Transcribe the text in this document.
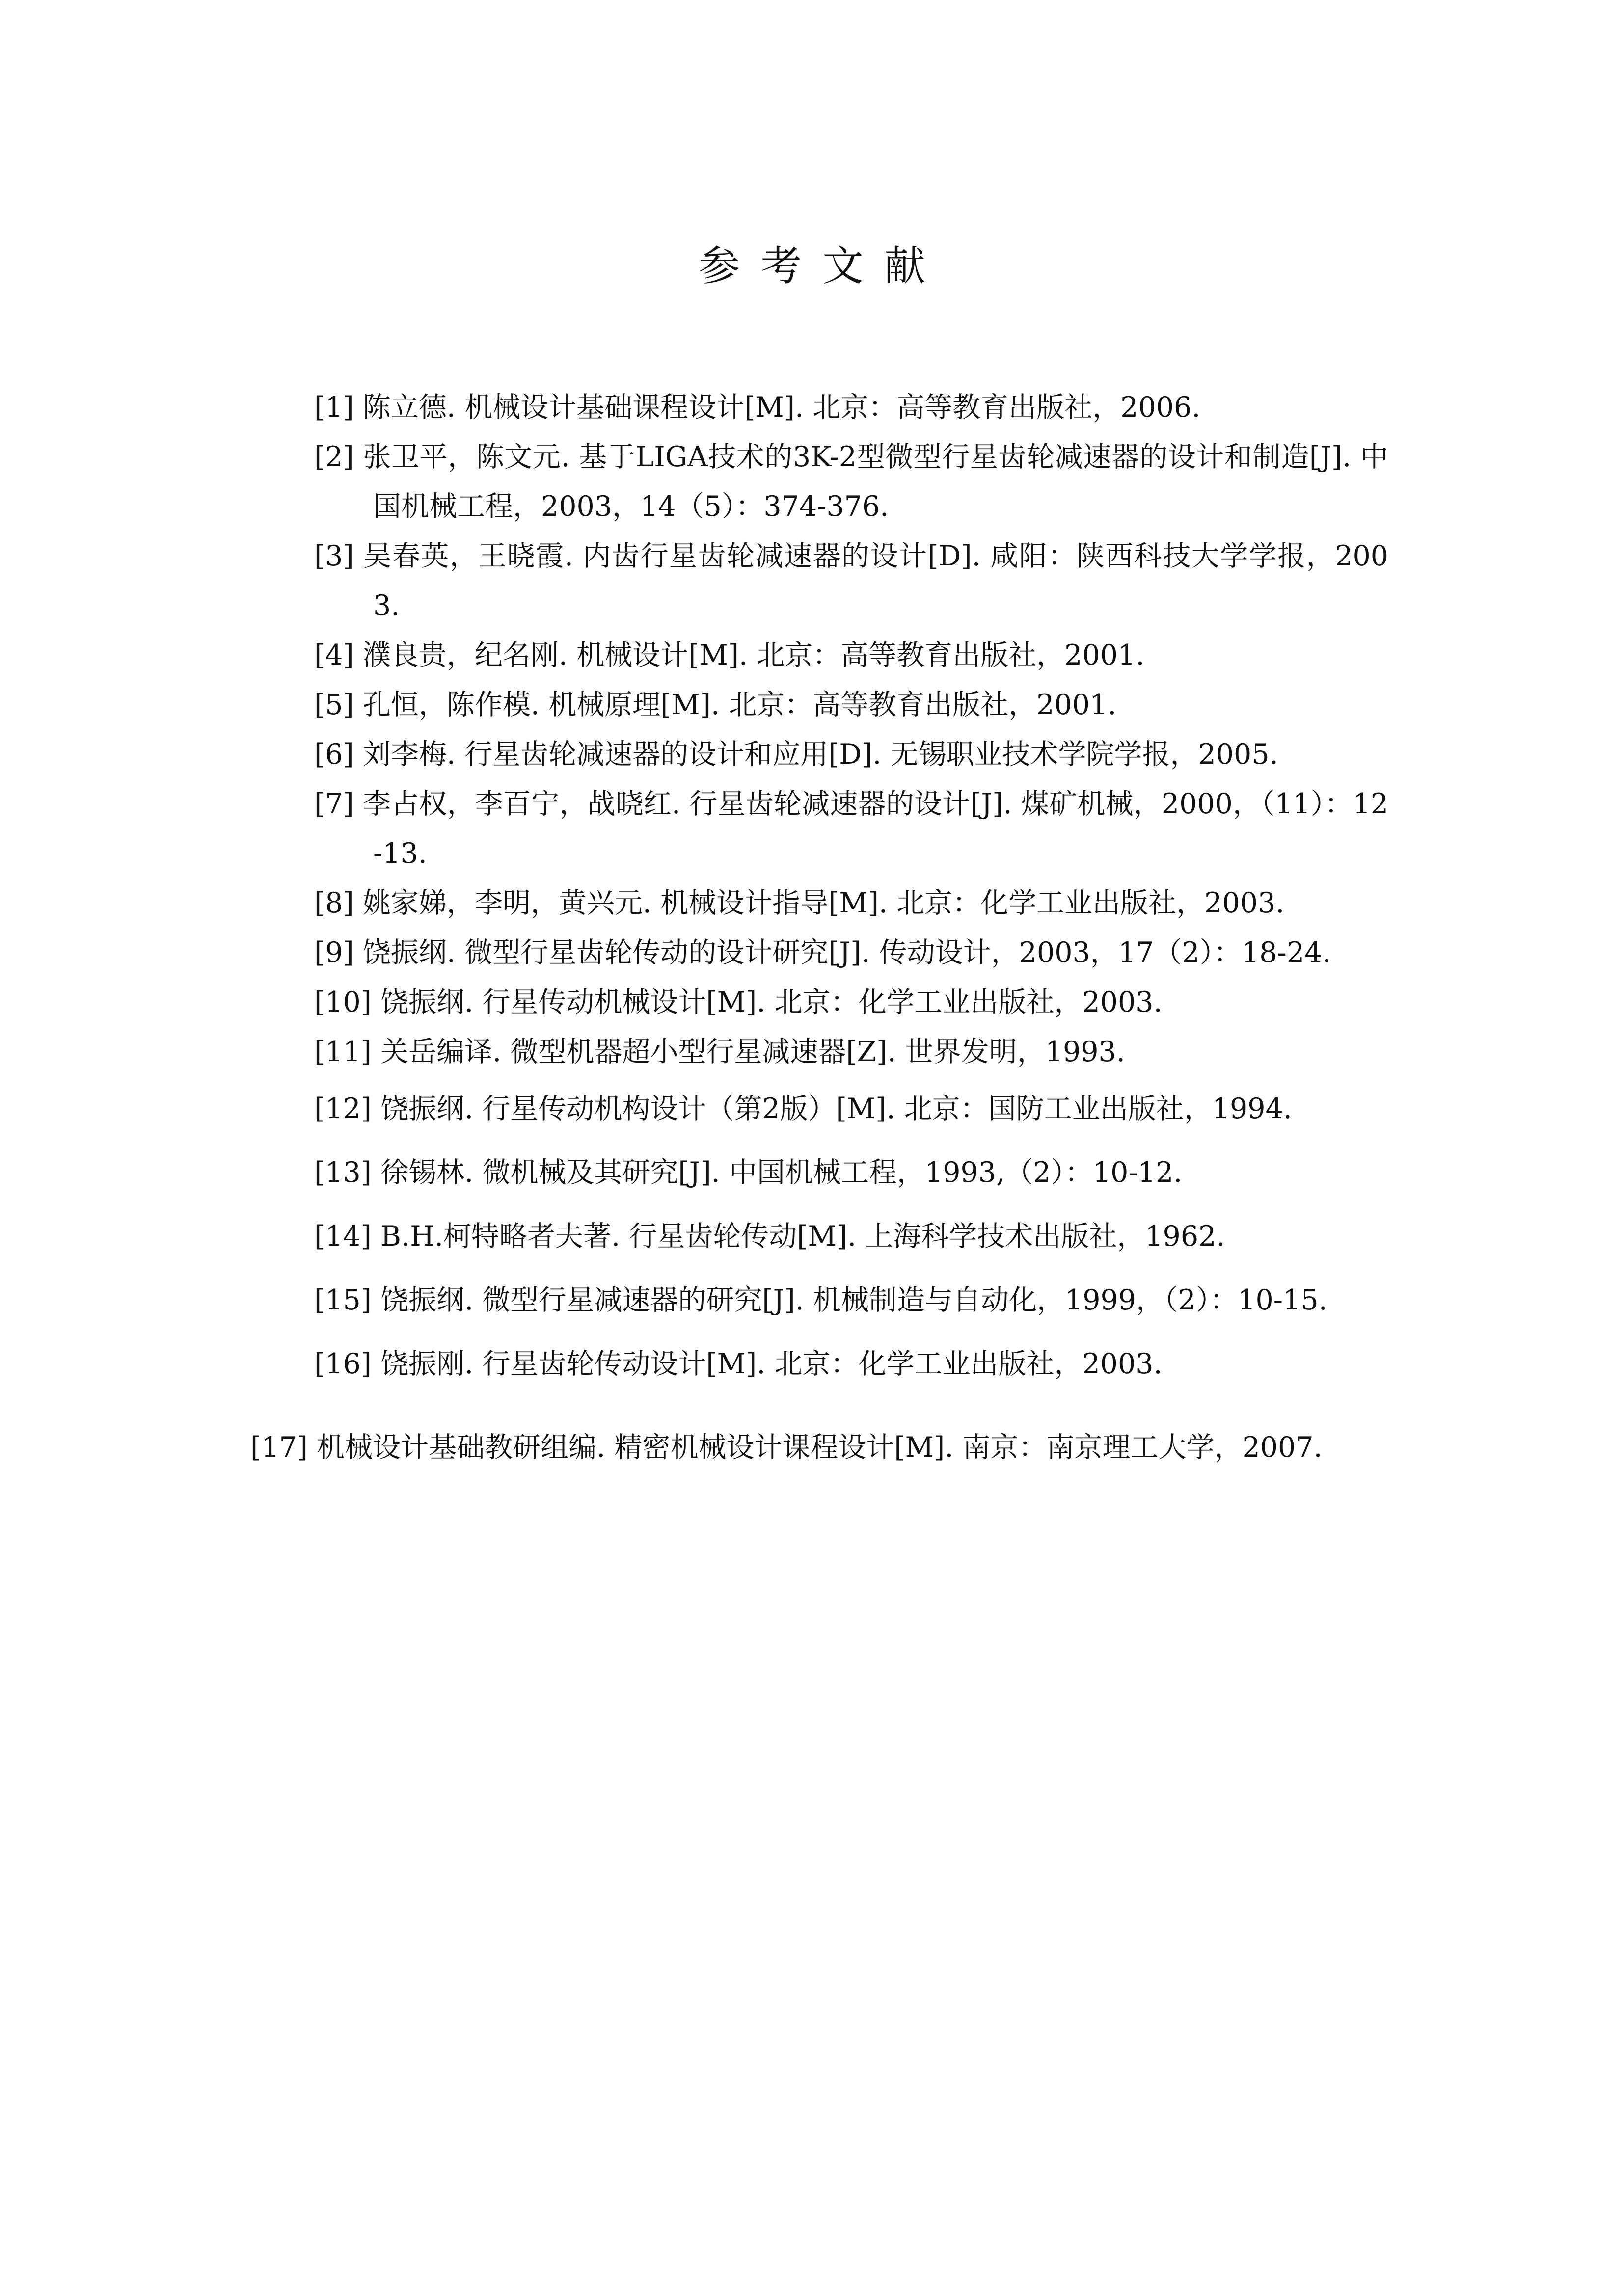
参考文献
[1] 陈立德. 机械设计基础课程设计[M]. 北京：高等教育出版社，2006.
[2] 张卫平，陈文元. 基于LIGA技术的3K-2型微型行星齿轮减速器的设计和制造[J]. 中国机械工程，2003，14（5）：374-376.
[3] 吴春英，王晓霞. 内齿行星齿轮减速器的设计[D]. 咸阳：陕西科技大学学报，2003.
[4] 濮良贵，纪名刚. 机械设计[M]. 北京：高等教育出版社，2001.
[5] 孔恒，陈作模. 机械原理[M]. 北京：高等教育出版社，2001.
[6] 刘李梅. 行星齿轮减速器的设计和应用[D]. 无锡职业技术学院学报，2005.
[7] 李占权，李百宁，战晓红. 行星齿轮减速器的设计[J]. 煤矿机械，2000，（11）：12-13.
[8] 姚家娣，李明，黄兴元. 机械设计指导[M]. 北京：化学工业出版社，2003.
[9] 饶振纲. 微型行星齿轮传动的设计研究[J]. 传动设计，2003，17（2）：18-24.
[10] 饶振纲. 行星传动机械设计[M]. 北京：化学工业出版社，2003.
[11] 关岳编译. 微型机器超小型行星减速器[Z]. 世界发明，1993.
[12] 饶振纲. 行星传动机构设计（第2版）[M]. 北京：国防工业出版社，1994.
[13] 徐锡林. 微机械及其研究[J]. 中国机械工程，1993,（2）：10-12.
[14] B.H.柯特略者夫著. 行星齿轮传动[M]. 上海科学技术出版社，1962.
[15] 饶振纲. 微型行星减速器的研究[J]. 机械制造与自动化，1999，（2）：10-15.
[16] 饶振刚. 行星齿轮传动设计[M]. 北京：化学工业出版社，2003.
[17] 机械设计基础教研组编. 精密机械设计课程设计[M]. 南京：南京理工大学，2007.
